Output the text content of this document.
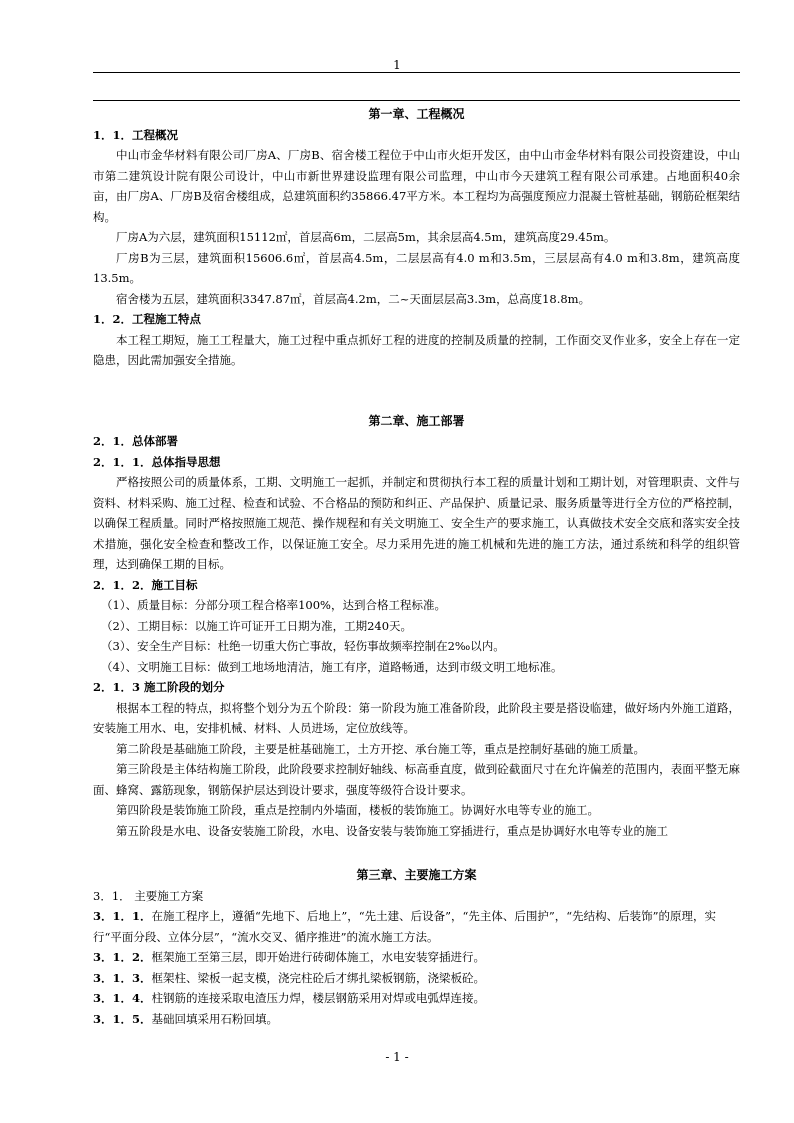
1

第一章、工程概况

1．1．工程概况

中山市金华材料有限公司厂房A、厂房B、宿舍楼工程位于中山市火炬开发区，由中山市金华材料有限公司投资建设，中山市第二建筑设计院有限公司设计，中山市新世界建设监理有限公司监理，中山市今天建筑工程有限公司承建。占地面积40余亩，由厂房A、厂房B及宿舍楼组成，总建筑面积约35866.47平方米。本工程均为高强度预应力混凝土管桩基础，钢筋砼框架结构。

厂房A为六层，建筑面积15112㎡，首层高6m，二层高5m，其余层高4.5m，建筑高度29.45m。

厂房B为三层，建筑面积15606.6㎡，首层高4.5m，二层层高有4.0 m和3.5m，三层层高有4.0 m和3.8m，建筑高度13.5m。

宿舍楼为五层，建筑面积3347.87㎡，首层高4.2m，二~天面层层高3.3m，总高度18.8m。

1．2．工程施工特点

本工程工期短，施工工程量大，施工过程中重点抓好工程的进度的控制及质量的控制，工作面交叉作业多，安全上存在一定隐患，因此需加强安全措施。

第二章、施工部署

2．1．总体部署

2．1．1．总体指导思想

严格按照公司的质量体系，工期、文明施工一起抓，并制定和贯彻执行本工程的质量计划和工期计划，对管理职责、文件与资料、材料采购、施工过程、检查和试验、不合格品的预防和纠正、产品保护、质量记录、服务质量等进行全方位的严格控制，以确保工程质量。同时严格按照施工规范、操作规程和有关文明施工、安全生产的要求施工，认真做技术安全交底和落实安全技术措施，强化安全检查和整改工作，以保证施工安全。尽力采用先进的施工机械和先进的施工方法，通过系统和科学的组织管理，达到确保工期的目标。

2．1．2．施工目标

（1）、质量目标：分部分项工程合格率100%，达到合格工程标准。

（2）、工期目标：以施工许可证开工日期为准，工期240天。

（3）、安全生产目标：杜绝一切重大伤亡事故，轻伤事故频率控制在2‰以内。

（4）、文明施工目标：做到工地场地清洁，施工有序，道路畅通，达到市级文明工地标准。

2．1．3 施工阶段的划分

根据本工程的特点，拟将整个划分为五个阶段：第一阶段为施工准备阶段，此阶段主要是搭设临建，做好场内外施工道路，安装施工用水、电，安排机械、材料、人员进场，定位放线等。

第二阶段是基础施工阶段，主要是桩基础施工，土方开挖、承台施工等，重点是控制好基础的施工质量。

第三阶段是主体结构施工阶段，此阶段要求控制好轴线、标高垂直度，做到砼截面尺寸在允许偏差的范围内，表面平整无麻面、蜂窝、露筋现象，钢筋保护层达到设计要求，强度等级符合设计要求。

第四阶段是装饰施工阶段，重点是控制内外墙面，楼板的装饰施工。协调好水电等专业的施工。

第五阶段是水电、设备安装施工阶段，水电、设备安装与装饰施工穿插进行，重点是协调好水电等专业的施工

第三章、主要施工方案

3．1． 主要施工方案

3．1．1．在施工程序上，遵循“先地下、后地上”，“先土建、后设备”，“先主体、后围护”，“先结构、后装饰”的原理，实行“平面分段、立体分层”，“流水交叉、循序推进”的流水施工方法。

3．1．2．框架施工至第三层，即开始进行砖砌体施工，水电安装穿插进行。

3．1．3．框架柱、梁板一起支模，浇完柱砼后才绑扎梁板钢筋，浇梁板砼。

3．1．4．柱钢筋的连接采取电渣压力焊，楼层钢筋采用对焊或电弧焊连接。

3．1．5．基础回填采用石粉回填。

- 1 -
